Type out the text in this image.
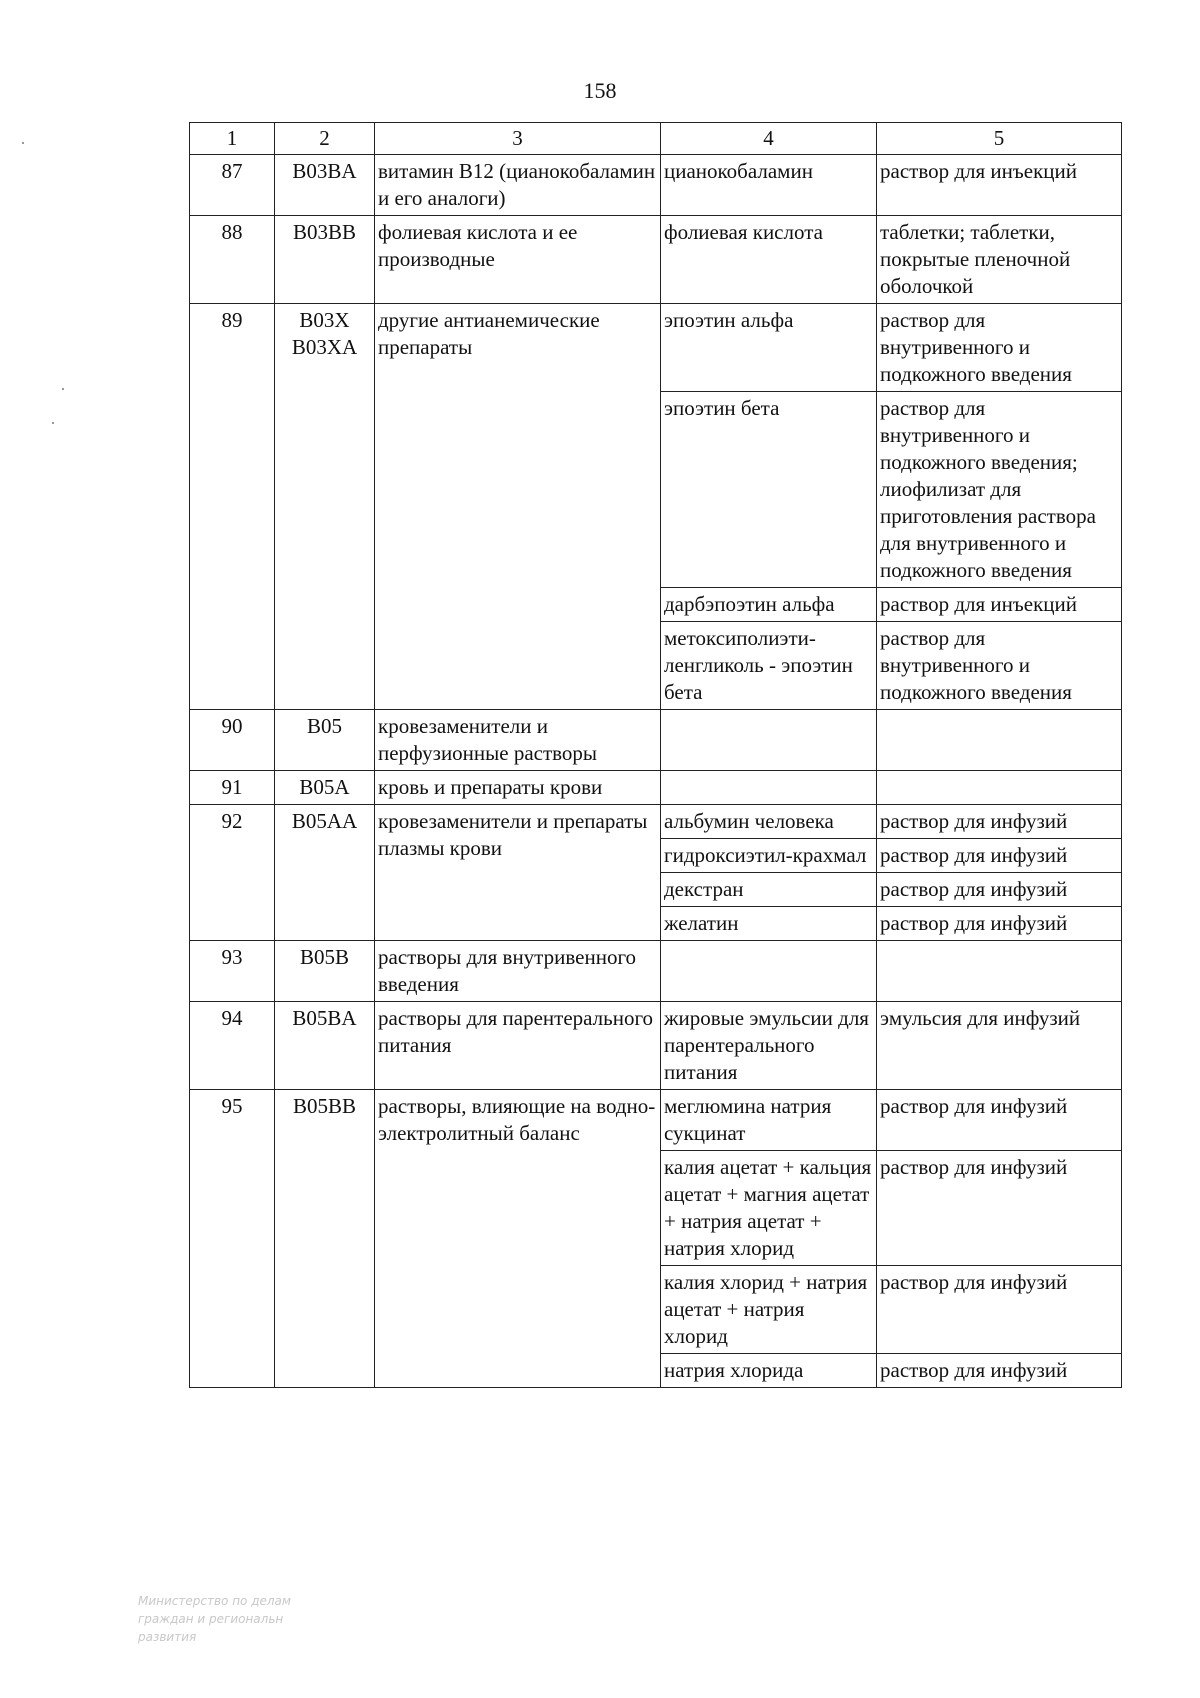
158
1	2	3	4	5
87	B03BA	витамин B12 (цианокобаламин и его аналоги)	цианокобаламин	раствор для инъекций
88	B03BB	фолиевая кислота и ее производные	фолиевая кислота	таблетки; таблетки, покрытые пленочной оболочкой
89	B03X B03XA	другие антианемические препараты	эпоэтин альфа	раствор для внутривенного и подкожного введения
			эпоэтин бета	раствор для внутривенного и подкожного введения; лиофилизат для приготовления раствора для внутривенного и подкожного введения
			дарбэпоэтин альфа	раствор для инъекций
			метоксиполиэти-ленгликоль - эпоэтин бета	раствор для внутривенного и подкожного введения
90	B05	кровезаменители и перфузионные растворы		
91	B05A	кровь и препараты крови		
92	B05AA	кровезаменители и препараты плазмы крови	альбумин человека	раствор для инфузий
			гидроксиэтил-крахмал	раствор для инфузий
			декстран	раствор для инфузий
			желатин	раствор для инфузий
93	B05B	растворы для внутривенного введения		
94	B05BA	растворы для парентерального питания	жировые эмульсии для парентерального питания	эмульсия для инфузий
95	B05BB	растворы, влияющие на водно-электролитный баланс	меглюмина натрия сукцинат	раствор для инфузий
			калия ацетат + кальция ацетат + магния ацетат + натрия ацетат + натрия хлорид	раствор для инфузий
			калия хлорид + натрия ацетат + натрия хлорид	раствор для инфузий
			натрия хлорида	раствор для инфузий
Министерство по делам
граждан и региональн
развития
